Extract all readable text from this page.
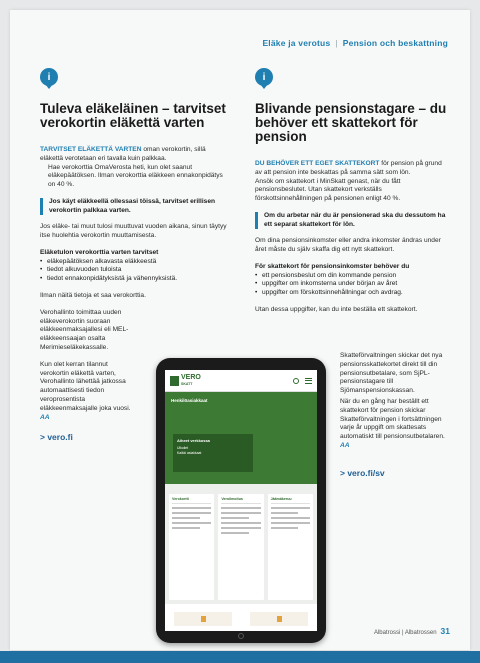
Eläke ja verotus | Pension och beskattning
i
Tuleva eläkeläinen – tarvitset verokortin eläkettä varten

TARVITSET ELÄKETTÄ VARTEN oman verokortin, sillä eläkettä verotetaan eri tavalla kuin palkkaa.

Hae verokorttia OmaVerosta heti, kun olet saanut eläkepäätöksen. Ilman verokorttia eläkkeen ennakonpidätys on 40 %.

Jos käyt eläkkeellä ollessasi töissä, tarvitset erillisen verokortin palkkaa varten.

Jos eläke- tai muut tulosi muuttuvat vuoden aikana, sinun täytyy itse huolehtia verokortin muuttamisesta.

Eläketulon verokorttia varten tarvitset
• eläkepäätöksen alkavasta eläkkeestä
• tiedot alkuvuoden tuloista
• tiedot ennakonpidätyksistä ja vähennyksistä.

Ilman näitä tietoja et saa verokorttia.

Verohallinto toimittaa uuden eläkeverokortin suoraan eläkkeenmaksajallesi eli MEL-eläkkeensaajan osalta Merimieseläkekassalle.

Kun olet kerran tilannut verokortin eläkettä varten, Verohallinto lähettää jatkossa automaattisesti tiedon veroprosentista eläkkeenmaksajalle joka vuosi. AA

> vero.fi
i
Blivande pensionstagare – du behöver ett skattekort för pension

DU BEHÖVER ETT EGET SKATTEKORT för pension på grund av att pension inte beskattas på samma sätt som lön.

Ansök om skattekort i MinSkatt genast, när du fått pensionsbeslutet. Utan skattekort verkställs förskottsinnehållningen på pensionen enligt 40 %.

Om du arbetar när du är pensionerad ska du dessutom ha ett separat skattekort för lön.

Om dina pensionsinkomster eller andra inkomster ändras under året måste du själv skaffa dig ett nytt skattekort.

För skattekort för pensionsinkomster behöver du
• ett pensionsbeslut om din kommande pension
• uppgifter om inkomsterna under början av året
• uppgifter om förskottsinnehållningar och avdrag.

Utan dessa uppgifter, kan du inte beställa ett skattekort.

Skatteförvaltningen skickar det nya pensionsskattekortet direkt till din pensionsutbetalare, som SjPL-pensionstagare till Sjömanspensionskassan.

När du en gång har beställt ett skattekort för pension skickar Skatteförvaltningen i fortsättningen varje år uppgift om skattesats automatiskt till pensionsutbetalaren. AA

> vero.fi/sv
VERO
SKATT
Henkilöasiakkaat
Aiheet verkkossa
Ulkoilet
Kaikki asiakkaat
Verokortti	Veroilmoitus	Jäämäkeruu
Albatrossi | Albatrossen 31
